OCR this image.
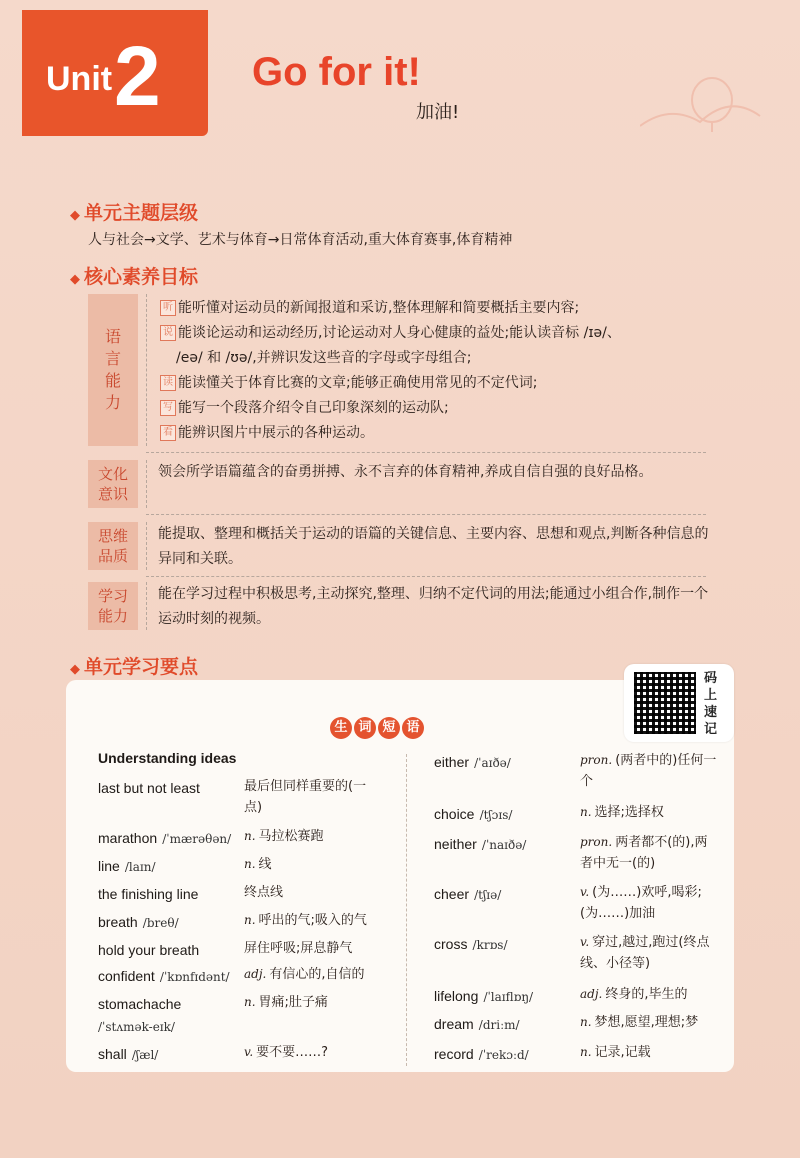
Unit 2 Go for it!
加油!
◆ 单元主题层级
人与社会→文学、艺术与体育→日常体育活动,重大体育赛事,体育精神
◆ 核心素养目标
语言能力
听 能听懂对运动员的新闻报道和采访,整体理解和简要概括主要内容;
说 能谈论运动和运动经历,讨论运动对人身心健康的益处;能认读音标 /ɪə/、
/eə/ 和 /ʊə/,并辨识发这些音的字母或字母组合;
读 能读懂关于体育比赛的文章;能够正确使用常见的不定代词;
写 能写一个段落介绍令自己印象深刻的运动队;
看 能辨识图片中展示的各种运动。
文化意识
领会所学语篇蕴含的奋勇拼搏、永不言弃的体育精神,养成自信自强的良好品格。
思维品质
能提取、整理和概括关于运动的语篇的关键信息、主要内容、思想和观点,判断各种信息的异同和关联。
学习能力
能在学习过程中积极思考,主动探究,整理、归纳不定代词的用法;能通过小组合作,制作一个运动时刻的视频。
◆ 单元学习要点
码上速记
生 词 短 语
Understanding ideas
last but not least	最后但同样重要的(一点)
marathon /ˈmærəθən/ n. 马拉松赛跑
line /laɪn/	n. 线
the finishing line	终点线
breath /breθ/	n. 呼出的气;吸入的气
hold your breath	屏住呼吸;屏息静气
confident /ˈkɒnfɪdənt/ adj. 有信心的,自信的
stomachache
/ˈstʌmək-eɪk/
n. 胃痛;肚子痛
shall /ʃæl/	v. 要不要……?
either /ˈaɪðə/	pron. (两者中的)任何一个
choice /tʃɔɪs/	n. 选择;选择权
neither /ˈnaɪðə/	pron. 两者都不(的),两者中无一(的)
cheer /tʃɪə/	v. (为……)欢呼,喝彩;(为……)加油
cross /krɒs/	v. 穿过,越过,跑过(终点线、小径等)
lifelong /ˈlaɪflɒŋ/	adj. 终身的,毕生的
dream /driːm/	n. 梦想,愿望,理想;梦
record /ˈrekɔːd/	n. 记录,记载
